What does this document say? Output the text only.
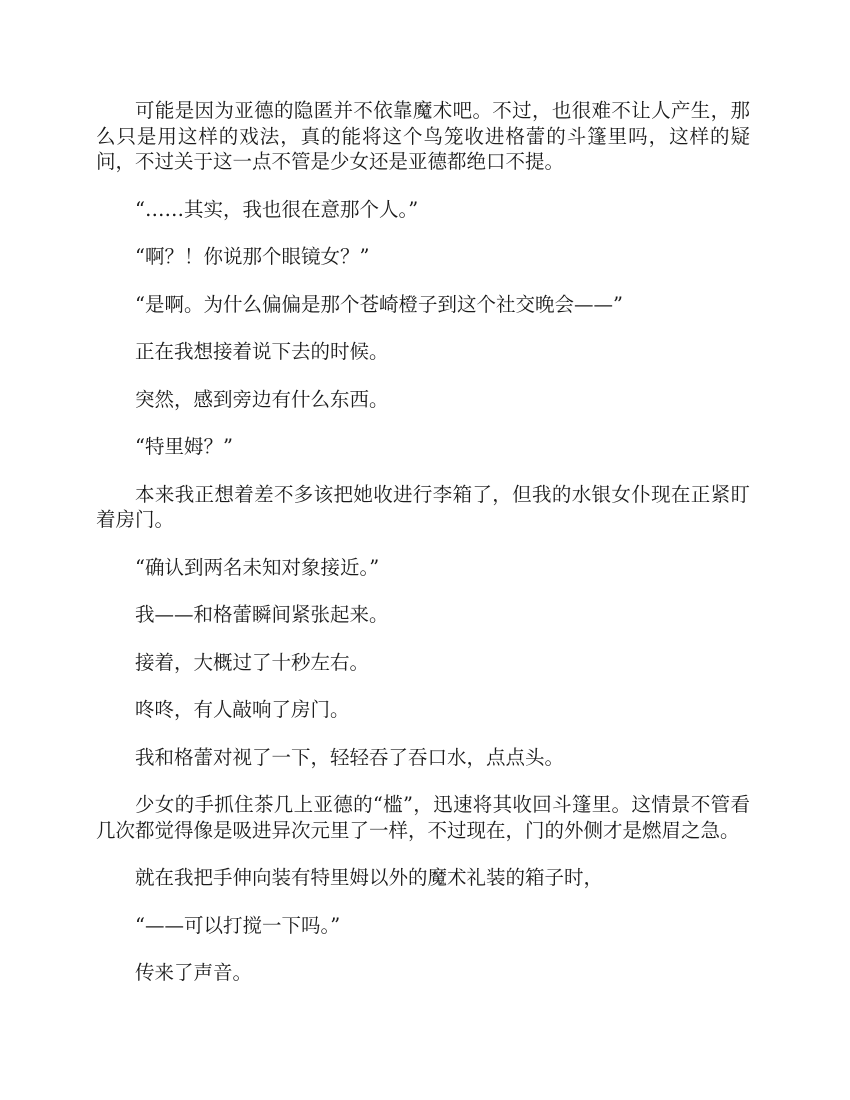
可能是因为亚德的隐匿并不依靠魔术吧。不过，也很难不让人产生，那么只是用这样的戏法，真的能将这个鸟笼收进格蕾的斗篷里吗，这样的疑问，不过关于这一点不管是少女还是亚德都绝口不提。

“……其实，我也很在意那个人。”

“啊？！你说那个眼镜女？”

“是啊。为什么偏偏是那个苍崎橙子到这个社交晚会——”

正在我想接着说下去的时候。

突然，感到旁边有什么东西。

“特里姆？”

本来我正想着差不多该把她收进行李箱了，但我的水银女仆现在正紧盯着房门。

“确认到两名未知对象接近。”

我——和格蕾瞬间紧张起来。

接着，大概过了十秒左右。

咚咚，有人敲响了房门。

我和格蕾对视了一下，轻轻吞了吞口水，点点头。

少女的手抓住茶几上亚德的“槛”，迅速将其收回斗篷里。这情景不管看几次都觉得像是吸进异次元里了一样，不过现在，门的外侧才是燃眉之急。

就在我把手伸向装有特里姆以外的魔术礼装的箱子时，

“——可以打搅一下吗。”

传来了声音。
